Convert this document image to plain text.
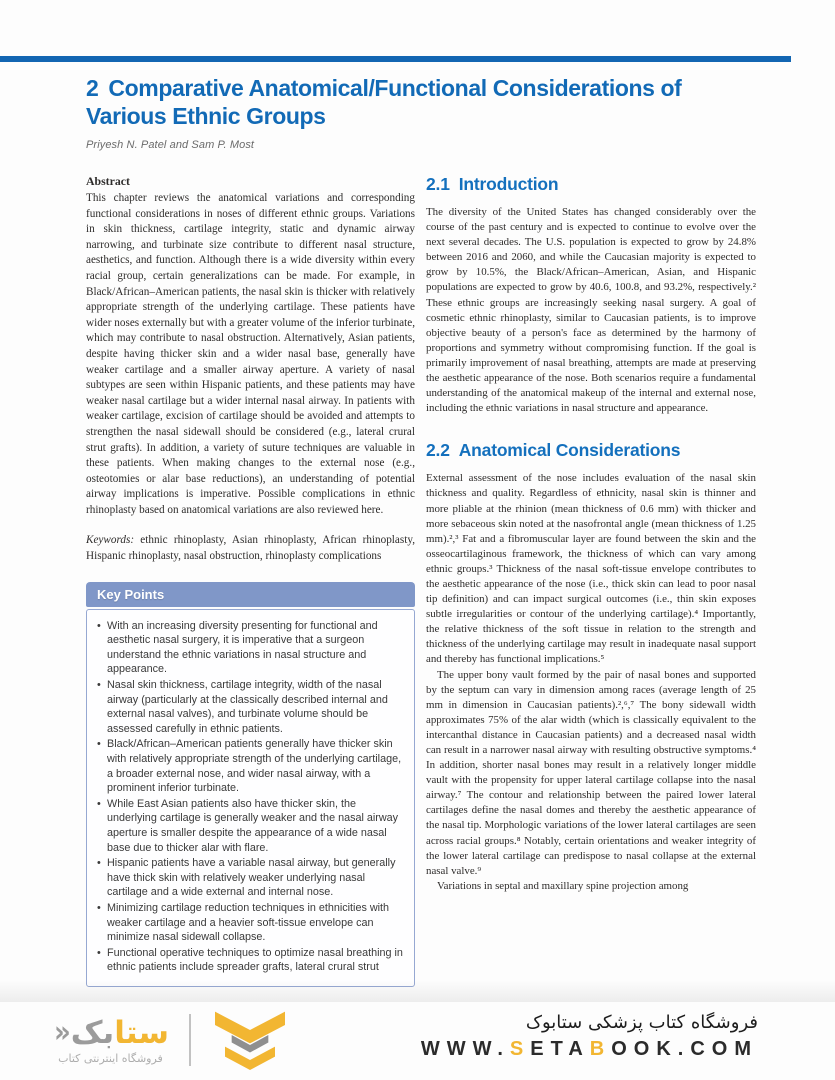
2 Comparative Anatomical/Functional Considerations of Various Ethnic Groups
Priyesh N. Patel and Sam P. Most
Abstract
This chapter reviews the anatomical variations and corresponding functional considerations in noses of different ethnic groups. Variations in skin thickness, cartilage integrity, static and dynamic airway narrowing, and turbinate size contribute to different nasal structure, aesthetics, and function. Although there is a wide diversity within every racial group, certain generalizations can be made. For example, in Black/African–American patients, the nasal skin is thicker with relatively appropriate strength of the underlying cartilage. These patients have wider noses externally but with a greater volume of the inferior turbinate, which may contribute to nasal obstruction. Alternatively, Asian patients, despite having thicker skin and a wider nasal base, generally have weaker cartilage and a smaller airway aperture. A variety of nasal subtypes are seen within Hispanic patients, and these patients may have weaker nasal cartilage but a wider internal nasal airway. In patients with weaker cartilage, excision of cartilage should be avoided and attempts to strengthen the nasal sidewall should be considered (e.g., lateral crural strut grafts). In addition, a variety of suture techniques are valuable in these patients. When making changes to the external nose (e.g., osteotomies or alar base reductions), an understanding of potential airway implications is imperative. Possible complications in ethnic rhinoplasty based on anatomical variations are also reviewed here.
Keywords: ethnic rhinoplasty, Asian rhinoplasty, African rhinoplasty, Hispanic rhinoplasty, nasal obstruction, rhinoplasty complications
Key Points
• With an increasing diversity presenting for functional and aesthetic nasal surgery, it is imperative that a surgeon understand the ethnic variations in nasal structure and appearance.
• Nasal skin thickness, cartilage integrity, width of the nasal airway (particularly at the classically described internal and external nasal valves), and turbinate volume should be assessed carefully in ethnic patients.
• Black/African–American patients generally have thicker skin with relatively appropriate strength of the underlying cartilage, a broader external nose, and wider nasal airway, with a prominent inferior turbinate.
• While East Asian patients also have thicker skin, the underlying cartilage is generally weaker and the nasal airway aperture is smaller despite the appearance of a wide nasal base due to thicker alar with flare.
• Hispanic patients have a variable nasal airway, but generally have thick skin with relatively weaker underlying nasal cartilage and a wide external and internal nose.
• Minimizing cartilage reduction techniques in ethnicities with weaker cartilage and a heavier soft-tissue envelope can minimize nasal sidewall collapse.
• Functional operative techniques to optimize nasal breathing in ethnic patients include spreader grafts, lateral crural strut
2.1 Introduction
The diversity of the United States has changed considerably over the course of the past century and is expected to continue to evolve over the next several decades. The U.S. population is expected to grow by 24.8% between 2016 and 2060, and while the Caucasian majority is expected to grow by 10.5%, the Black/African–American, Asian, and Hispanic populations are expected to grow by 40.6, 100.8, and 93.2%, respectively.² These ethnic groups are increasingly seeking nasal surgery. A goal of cosmetic ethnic rhinoplasty, similar to Caucasian patients, is to improve objective beauty of a person's face as determined by the harmony of proportions and symmetry without compromising function. If the goal is primarily improvement of nasal breathing, attempts are made at preserving the aesthetic appearance of the nose. Both scenarios require a fundamental understanding of the anatomical makeup of the internal and external nose, including the ethnic variations in nasal structure and appearance.
2.2 Anatomical Considerations
External assessment of the nose includes evaluation of the nasal skin thickness and quality. Regardless of ethnicity, nasal skin is thinner and more pliable at the rhinion (mean thickness of 0.6 mm) with thicker and more sebaceous skin noted at the nasofrontal angle (mean thickness of 1.25 mm).²,³ Fat and a fibromuscular layer are found between the skin and the osseocartilaginous framework, the thickness of which can vary among ethnic groups.³ Thickness of the nasal soft-tissue envelope contributes to the aesthetic appearance of the nose (i.e., thick skin can lead to poor nasal tip definition) and can impact surgical outcomes (i.e., thin skin exposes subtle irregularities or contour of the underlying cartilage).⁴ Importantly, the relative thickness of the soft tissue in relation to the strength and thickness of the underlying cartilage may result in inadequate nasal support and thereby has functional implications.⁵
The upper bony vault formed by the pair of nasal bones and supported by the septum can vary in dimension among races (average length of 25 mm in dimension in Caucasian patients).²,⁶,⁷ The bony sidewall width approximates 75% of the alar width (which is classically equivalent to the intercanthal distance in Caucasian patients) and a decreased nasal width can result in a narrower nasal airway with resulting obstructive symptoms.⁴ In addition, shorter nasal bones may result in a relatively longer middle vault with the propensity for upper lateral cartilage collapse into the nasal airway.⁷ The contour and relationship between the paired lower lateral cartilages define the nasal domes and thereby the aesthetic appearance of the nasal tip. Morphologic variations of the lower lateral cartilages are seen across racial groups.⁸ Notably, certain orientations and weaker integrity of the lower lateral cartilage can predispose to nasal collapse at the external nasal valve.⁹
Variations in septal and maxillary spine projection among
ستابک
«
فروشگاه اینترنتی کتاب
فروشگاه کتاب پزشکی ستابوک
WWW.SETABOOK.COM
